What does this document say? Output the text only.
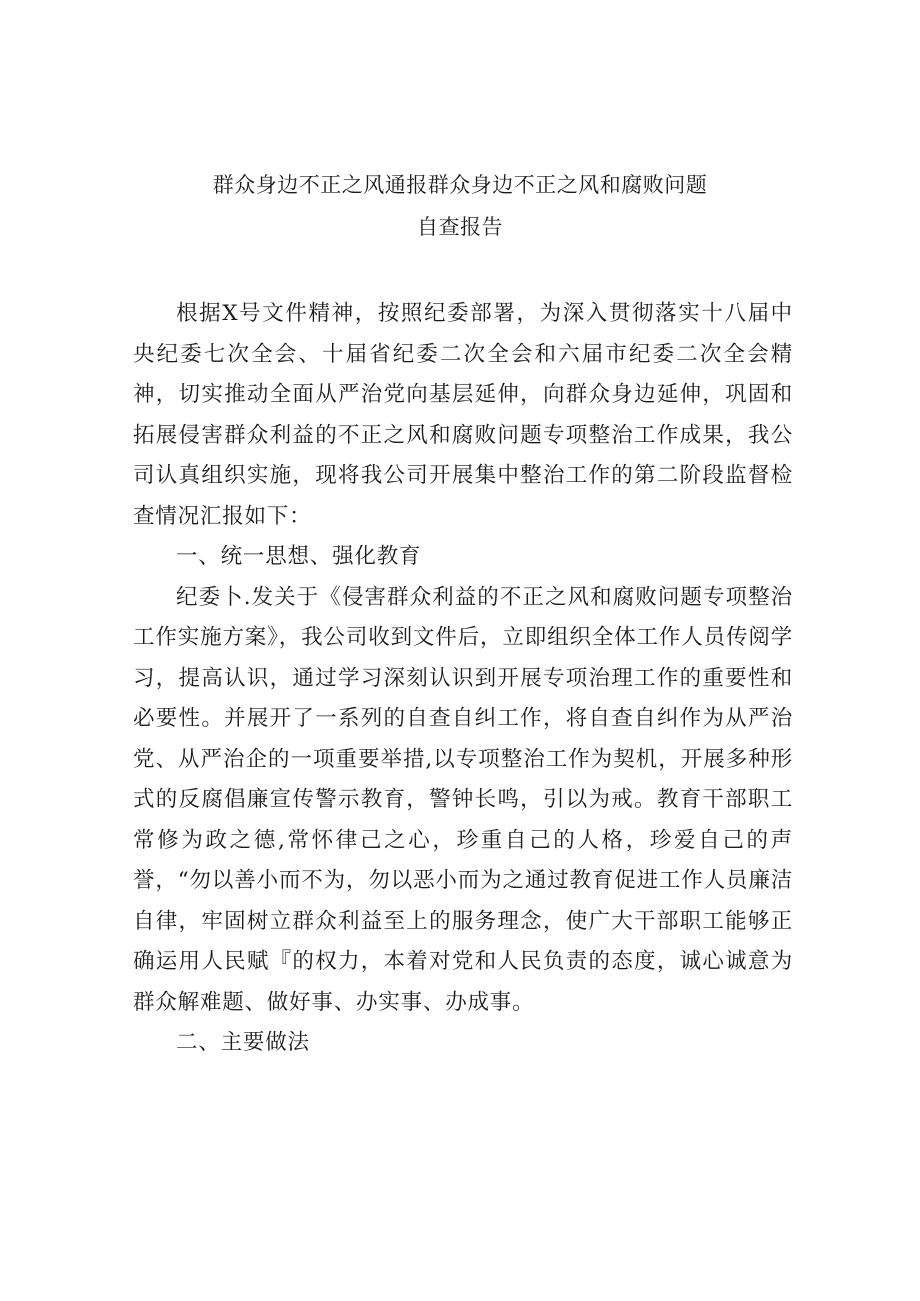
群众身边不正之风通报群众身边不正之风和腐败问题
自查报告

根据X号文件精神，按照纪委部署，为深入贯彻落实十八届中央纪委七次全会、十届省纪委二次全会和六届市纪委二次全会精神，切实推动全面从严治党向基层延伸，向群众身边延伸，巩固和拓展侵害群众利益的不正之风和腐败问题专项整治工作成果，我公司认真组织实施，现将我公司开展集中整治工作的第二阶段监督检查情况汇报如下：

一、统一思想、强化教育

纪委卜.发关于《侵害群众利益的不正之风和腐败问题专项整治工作实施方案》，我公司收到文件后，立即组织全体工作人员传阅学习，提高认识，通过学习深刻认识到开展专项治理工作的重要性和必要性。并展开了一系列的自查自纠工作，将自查自纠作为从严治党、从严治企的一项重要举措,以专项整治工作为契机，开展多种形式的反腐倡廉宣传警示教育，警钟长鸣，引以为戒。教育干部职工常修为政之德,常怀律己之心，珍重自己的人格，珍爱自己的声誉，“勿以善小而不为，勿以恶小而为之通过教育促进工作人员廉洁自律，牢固树立群众利益至上的服务理念，使广大干部职工能够正确运用人民赋『的权力，本着对党和人民负责的态度，诚心诚意为群众解难题、做好事、办实事、办成事。

二、主要做法
